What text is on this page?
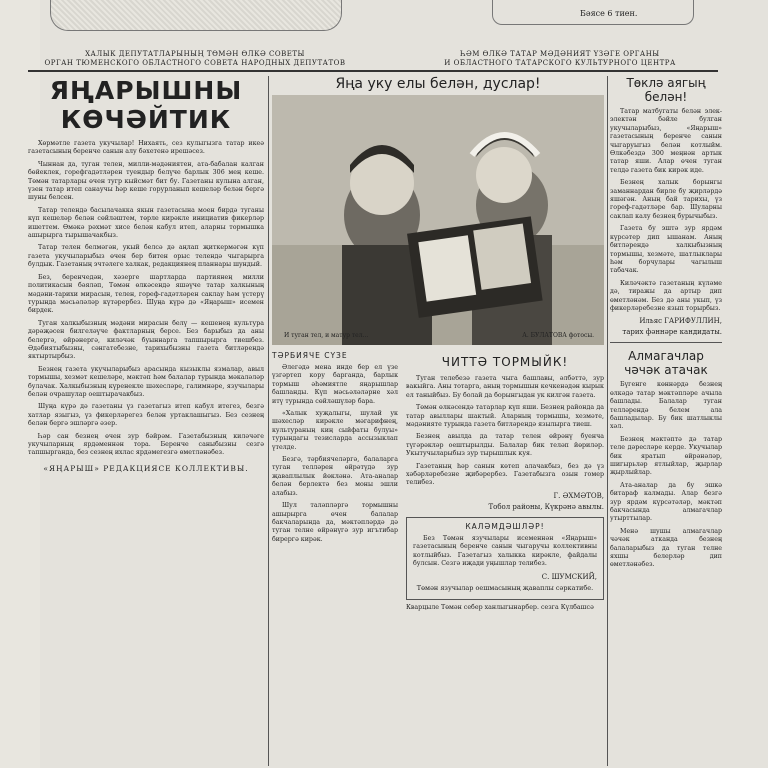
Бәясе 6 тиен.
ХАЛЫК ДЕПУТАТЛАРЫНЫҢ ТӨМӘН ӨЛКӘ СОВЕТЫ
ОРГАН ТЮМЕНСКОГО ОБЛАСТНОГО СОВЕТА НАРОДНЫХ ДЕПУТАТОВ
ҺӘМ ӨЛКӘ ТАТАР МӘДӘНИЯТ ҮЗӘГЕ ОРГАНЫ
И ОБЛАСТНОГО ТАТАРСКОГО КУЛЬТУРНОГО ЦЕНТРА
ЯҢАРЫШНЫ
КӨЧӘЙТИК

Хөрмәтле газета укучылар! Нихаять, сез кулыгызга татар икеә газетасының беренче санын алу бәхетенә ирешәсез.

Чыннан да, туган телен, милли-мәдәниятен, ата-бабалан калган бөйеклек, горефгадәтләрен туендыр белүче барлык 306 мең кеше. Төмән татарлары өчен тугр кыйсмәт бит бу. Газетаны кулына алган, үзен татар итеп санаучы һәр кеше горурланып кешеләр белән бергә шуны белсен.

Татар телендә басылачакка якын газетасына моен бирдә туганы күп кешеләр белән сөйләштем, төрле кирәкле инициатив фикерләр ишеттем. Өмәкә рәхмәт хисе белән кабул итеп, аларны тормышка ашырырга тырышачакбыз.

Татар телен белмәгән, укый белсә дә аңлап җиткермәгән күп газета укучыларыбыз өчен бер битен орыс телендә чыгарырга булдык. Газетаның эчтәлеге халкак, редакциянең планнары шундый.

Без, беренчедән, хәзерге шартларда партиянең милли политикасын бәяләп, Төмән өлкәсендә яшәүче татар халкының мәдәни-тарихи мирасын, телен, гореф-гадәтләрен саклау һәм үстерү турында мәсьәләләр күтәрербез. Шуңа күрә дә «Яңарыш» исемен бирдек.

Туган халкыбызның мәдәни мирасын белү — кешенең культура дәрәҗәсен билгеләүче фактларның берсе. Без барыбыз да аны белергә, өйрәнергә, киләчәк буыннарга тапшырырга тиешбез. Әдәбиятыбызны, сәнгатебезне, тарихыбызны газета битләрендә яктыртырбыз.

Безнең газета укучыларыбыз арасында кызыклы язмалар, авыл тормышы, хезмәт кешеләре, мәктәп һәм балалар турында мәкаләләр булачак. Халкыбызның күренекле шәхесләре, галимнәре, язучылары белән очрашулар оештырачакбыз.

Шуңа күрә дә газетаны үз газетагыз итеп кабул итегез, безгә хатлар языгыз, үз фикерләрегез белән уртаклашыгыз. Без сезнең белән бергә эшләргә әзер.

Һәр сан безнең өчен зур бәйрәм. Газетабызның киләчәге укучыларның ярдәменнән тора. Беренче саныбызны сезгә тапшырганда, без сезнең ихлас ярдәмегезгә өметләнәбез.

«ЯҢАРЫШ» РЕДАКЦИЯСЕ КОЛЛЕКТИВЫ.
Яңа уку елы белән, дуслар!
И туган тел, и матур тел...	А. БУЛАТОВА фотосы.
ТӘРБИЯЧЕ СҮЗЕ

Әлегәдә мена инде бер ел үзе үзгәртеп кору барганда, барлык тормыш әһәмиятле яңарышлар башланды. Күп мәсьәләләрне хәл итү турында сөйләшүләр бара.

«Халык хуҗалыгы, шулай ук шәхесләр кирәкле мәгарифнең, культураның киң сыйфаты булуы» турындагы тезисларда ассызыклап үтелде.

Безгә, тәрбиячеләргә, балаларга туган телләрен өйрәтүдә зур җаваплылык йөкләнә. Ата-аналар белән берлектә без моны эшли алабыз.

Шул таләпләргә тормышны ашырырга өчен балалар бакчаларында да, мәктәпләрдә дә туган телне өйрәнүгә зур игътибар бирергә кирәк.

ЧИТТӘ ТОРМЫЙК!

Туган телебезә газета чыга башлавы, әлбәттә, зур вакыйга. Аны тотарга, аның тормышын кечкенәдән кырык ел таныйбыз. Бу болай да борынгыдан ук килгән газета.

Төмән өлкәсендә татарлар күп яши. Безнең районда да татар авыллары шактый. Аларның тормышы, хезмәте, мәдәнияте турында газета битләрендә язылырга тиеш.

Безнең авылда да татар телен өйрәнү буенча түгәрәкләр оештырылды. Балалар бик теләп йөриләр. Укытучыларыбыз зур тырышлык куя.

Газетаның һәр санын көтеп алачакбыз, без дә үз хәбәрләребезне җибәрербез. Газетабызга озын гомер телибез.

Г. ӘХМӘТОВ,
Тобол районы, Күкрәнә авылы.
КАЛӘМДӘШЛӘР!

Без Төмән язучылары исеменнән «Яңарыш» газетасының беренче санын чыгаручы коллективны котлыйбыз. Газетагыз халыкка кирәкле, файдалы булсын. Сезгә иҗади уңышлар телибез.

С. ШУМСКИЙ,
Төмән язучылар оешмасының җаваплы сәркатибе.
Кварцыле Төмән себер ханлыгынарбер. сезга Күлбашсә
Төклә аягың белән!

Татар матбугаты белән элек-электән бәйле булган укучыларыбыз, «Яңарыш» газетасының беренче санын чыгаруыгыз белән котлыйм. Өлкәбездә 300 меңнән артык татар яши. Алар өчен туган телдә газета бик кирәк иде.

Безнең халык борынгы заманнардан бирле бу җирләрдә яшәгән. Аның бай тарихы, үз гореф-гадәтләре бар. Шуларны саклап калу безнең бурычыбыз.

Газета бу эштә зур ярдәм күрсәтер дип ышанам. Аның битләрендә халкыбызның тормышы, хезмәте, шатлыклары һәм борчулары чагылыш табачак.

Киләчәктә газетаның күләме дә, тиражы да артыр дип өметләнәм. Без дә аны укып, үз фикерләребезне язып торырбыз.

Ильяс ГАРИФУЛЛИН,
тарих фәннәре кандидаты.
Алмагачлар
чәчәк атачак

Бүгенге көннәрдә безнең өлкәдә татар мәктәпләре ачыла башлады. Балалар туган телләрендә белем ала башладылар. Бу бик шатлыклы хәл.

Безнең мәктәптә дә татар теле дәресләре керде. Укучылар бик яратып өйрәнәләр, шигырьләр ятлыйлар, җырлар җырлыйлар.

Ата-аналар да бу эшкә битараф калмады. Алар безгә зур ярдәм күрсәтәләр, мәктәп бакчасында алмагачлар утырттылар.

Менә шушы алмагачлар чәчәк атканда безнең балаларыбыз да туган телне яхшы белерләр дип өметләнәбез.
